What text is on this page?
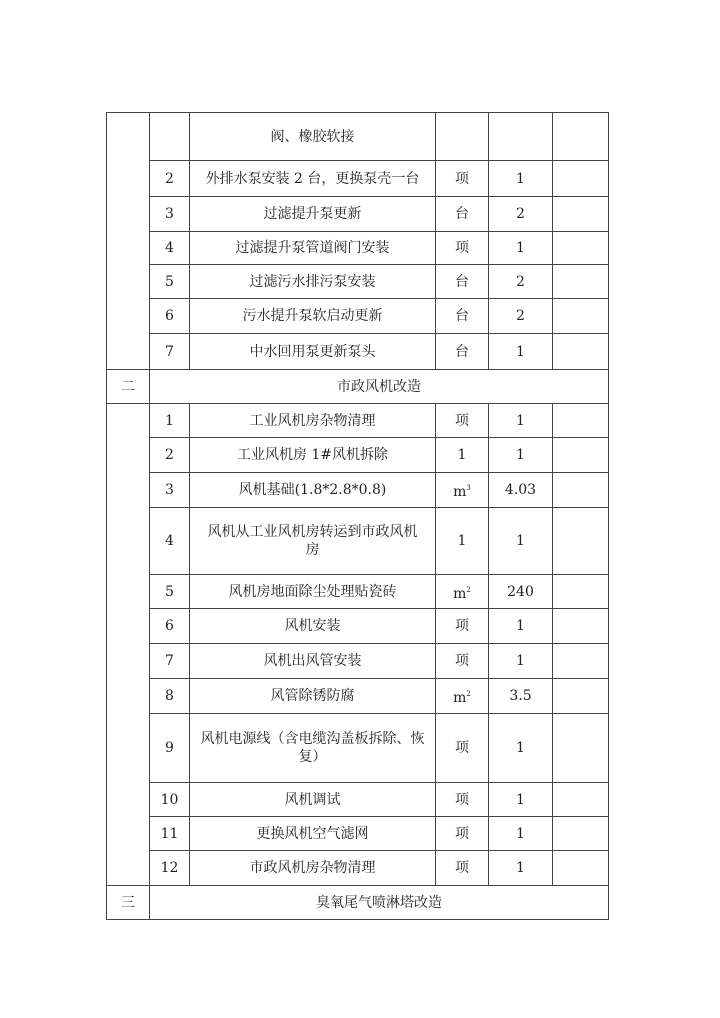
		阀、橡胶软接			
	2	外排水泵安装 2 台，更换泵壳一台	项	1	
	3	过滤提升泵更新	台	2	
	4	过滤提升泵管道阀门安装	项	1	
	5	过滤污水排污泵安装	台	2	
	6	污水提升泵软启动更新	台	2	
	7	中水回用泵更新泵头	台	1	
二	市政风机改造				
	1	工业风机房杂物清理	项	1	
	2	工业风机房 1#风机拆除	1	1	
	3	风机基础(1.8*2.8*0.8)	$m^3$	4.03	
	4	风机从工业风机房转运到市政风机
房	1	1	
	5	风机房地面除尘处理贴瓷砖	$m^2$	240	
	6	风机安装	项	1	
	7	风机出风管安装	项	1	
	8	风管除锈防腐	$m^2$	3.5	
	9	风机电源线（含电缆沟盖板拆除、恢
复）	项	1	
	10	风机调试	项	1	
	11	更换风机空气滤网	项	1	
	12	市政风机房杂物清理	项	1	
三	臭氧尾气喷淋塔改造				
